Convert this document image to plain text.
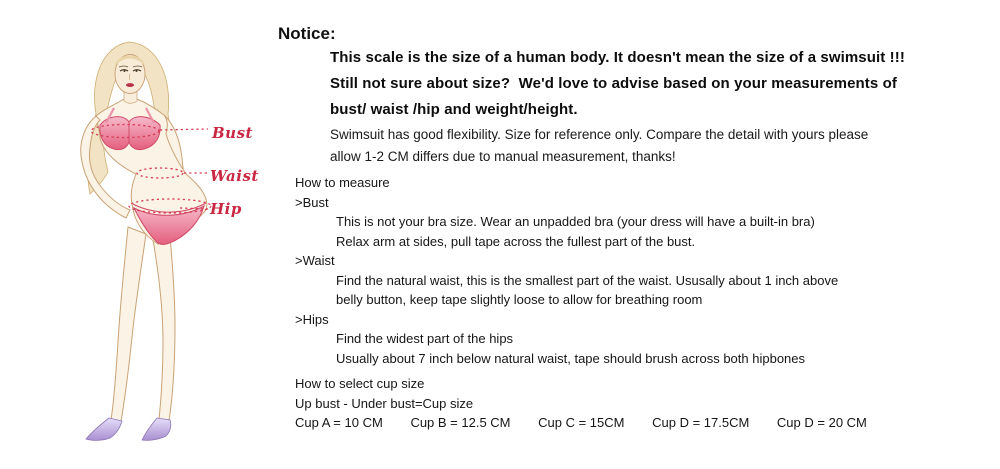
Bust
Waist
Hip
Notice:
This scale is the size of a human body. It doesn't mean the size of a swimsuit !!!
Still not sure about size?  We'd love to advise based on your measurements of
bust/ waist /hip and weight/height.
Swimsuit has good flexibility. Size for reference only. Compare the detail with yours please
allow 1-2 CM differs due to manual measurement, thanks!
How to measure
>Bust
This is not your bra size. Wear an unpadded bra (your dress will have a built-in bra)
Relax arm at sides, pull tape across the fullest part of the bust.
>Waist
Find the natural waist, this is the smallest part of the waist. Ususally about 1 inch above
belly button, keep tape slightly loose to allow for breathing room
>Hips
Find the widest part of the hips
Usually about 7 inch below natural waist, tape should brush across both hipbones
How to select cup size
Up bust - Under bust=Cup size
Cup A = 10 CM Cup B = 12.5 CM Cup C = 15CM Cup D = 17.5CM Cup D = 20 CM
